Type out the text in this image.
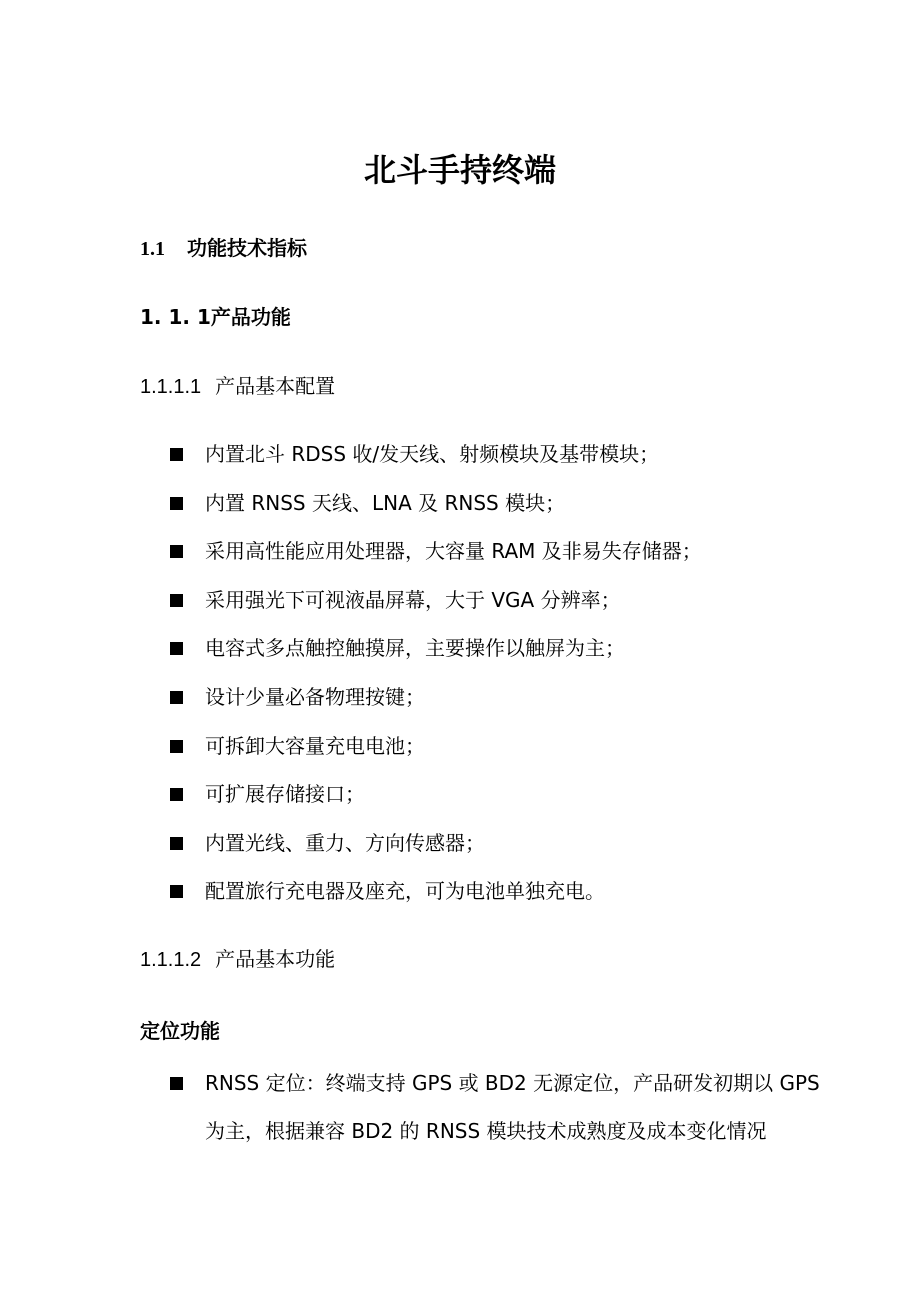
北斗手持终端
1.1 功能技术指标
1. 1. 1产品功能
1.1.1.1 产品基本配置
内置北斗 RDSS 收/发天线、射频模块及基带模块；
内置 RNSS 天线、LNA 及 RNSS 模块；
采用高性能应用处理器，大容量 RAM 及非易失存储器；
采用强光下可视液晶屏幕，大于 VGA 分辨率；
电容式多点触控触摸屏，主要操作以触屏为主；
设计少量必备物理按键；
可拆卸大容量充电电池；
可扩展存储接口；
内置光线、重力、方向传感器；
配置旅行充电器及座充，可为电池单独充电。
1.1.1.2 产品基本功能
定位功能
RNSS 定位：终端支持 GPS 或 BD2 无源定位，产品研发初期以 GPS
为主，根据兼容 BD2 的 RNSS 模块技术成熟度及成本变化情况
